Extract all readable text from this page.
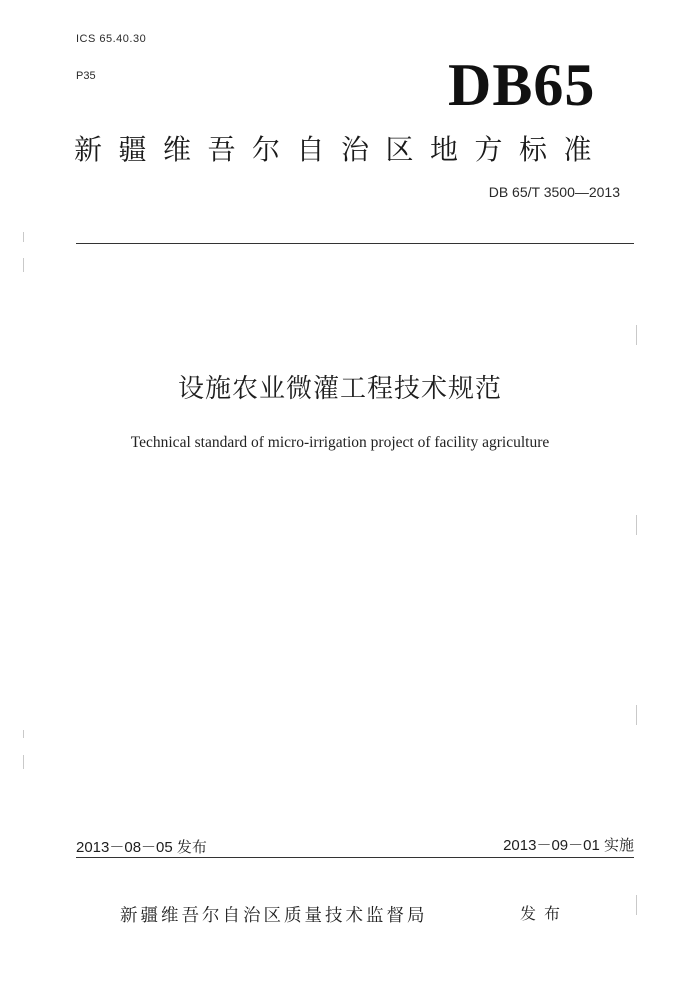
ICS 65.40.30
P35	DB65
新疆维吾尔自治区地方标准
DB 65/T 3500—2013
设施农业微灌工程技术规范
Technical standard of micro-irrigation project of facility agriculture
2013－08－05 发布	2013－09－01 实施
新疆维吾尔自治区质量技术监督局	发布
